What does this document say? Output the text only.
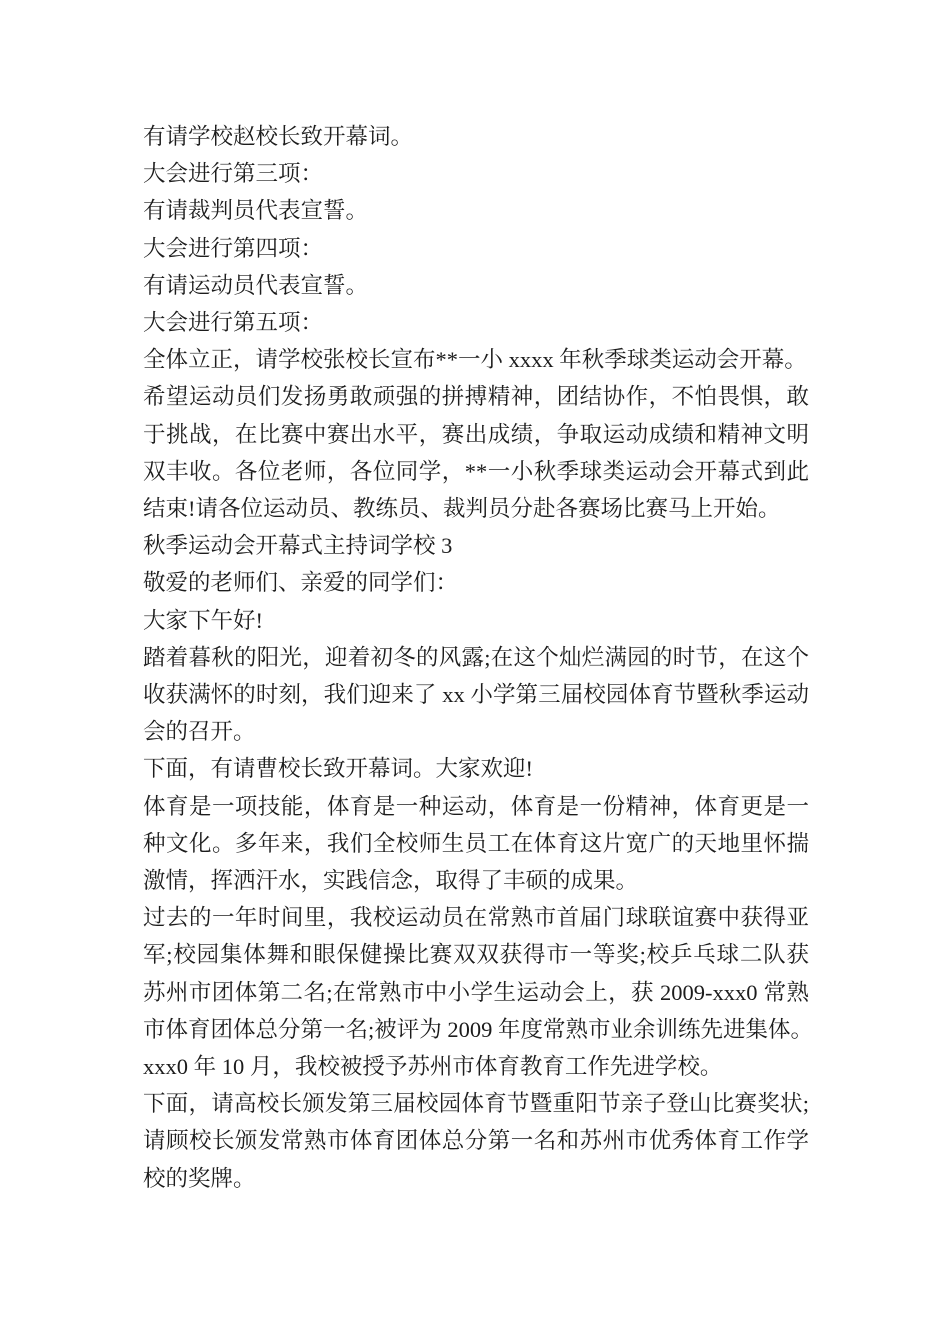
有请学校赵校长致开幕词。
大会进行第三项：
有请裁判员代表宣誓。
大会进行第四项：
有请运动员代表宣誓。
大会进行第五项：
全体立正，请学校张校长宣布**一小 xxxx 年秋季球类运动会开幕。
希望运动员们发扬勇敢顽强的拼搏精神，团结协作，不怕畏惧，敢
于挑战，在比赛中赛出水平，赛出成绩，争取运动成绩和精神文明
双丰收。各位老师，各位同学，**一小秋季球类运动会开幕式到此
结束!请各位运动员、教练员、裁判员分赴各赛场比赛马上开始。
秋季运动会开幕式主持词学校 3
敬爱的老师们、亲爱的同学们：
大家下午好!
踏着暮秋的阳光，迎着初冬的风露;在这个灿烂满园的时节，在这个
收获满怀的时刻，我们迎来了 xx 小学第三届校园体育节暨秋季运动
会的召开。
下面，有请曹校长致开幕词。大家欢迎!
体育是一项技能，体育是一种运动，体育是一份精神，体育更是一
种文化。多年来，我们全校师生员工在体育这片宽广的天地里怀揣
激情，挥洒汗水，实践信念，取得了丰硕的成果。
过去的一年时间里，我校运动员在常熟市首届门球联谊赛中获得亚
军;校园集体舞和眼保健操比赛双双获得市一等奖;校乒乓球二队获
苏州市团体第二名;在常熟市中小学生运动会上，获 2009-xxx0 常熟
市体育团体总分第一名;被评为 2009 年度常熟市业余训练先进集体。
xxx0 年 10 月，我校被授予苏州市体育教育工作先进学校。
下面，请高校长颁发第三届校园体育节暨重阳节亲子登山比赛奖状;
请顾校长颁发常熟市体育团体总分第一名和苏州市优秀体育工作学
校的奖牌。
